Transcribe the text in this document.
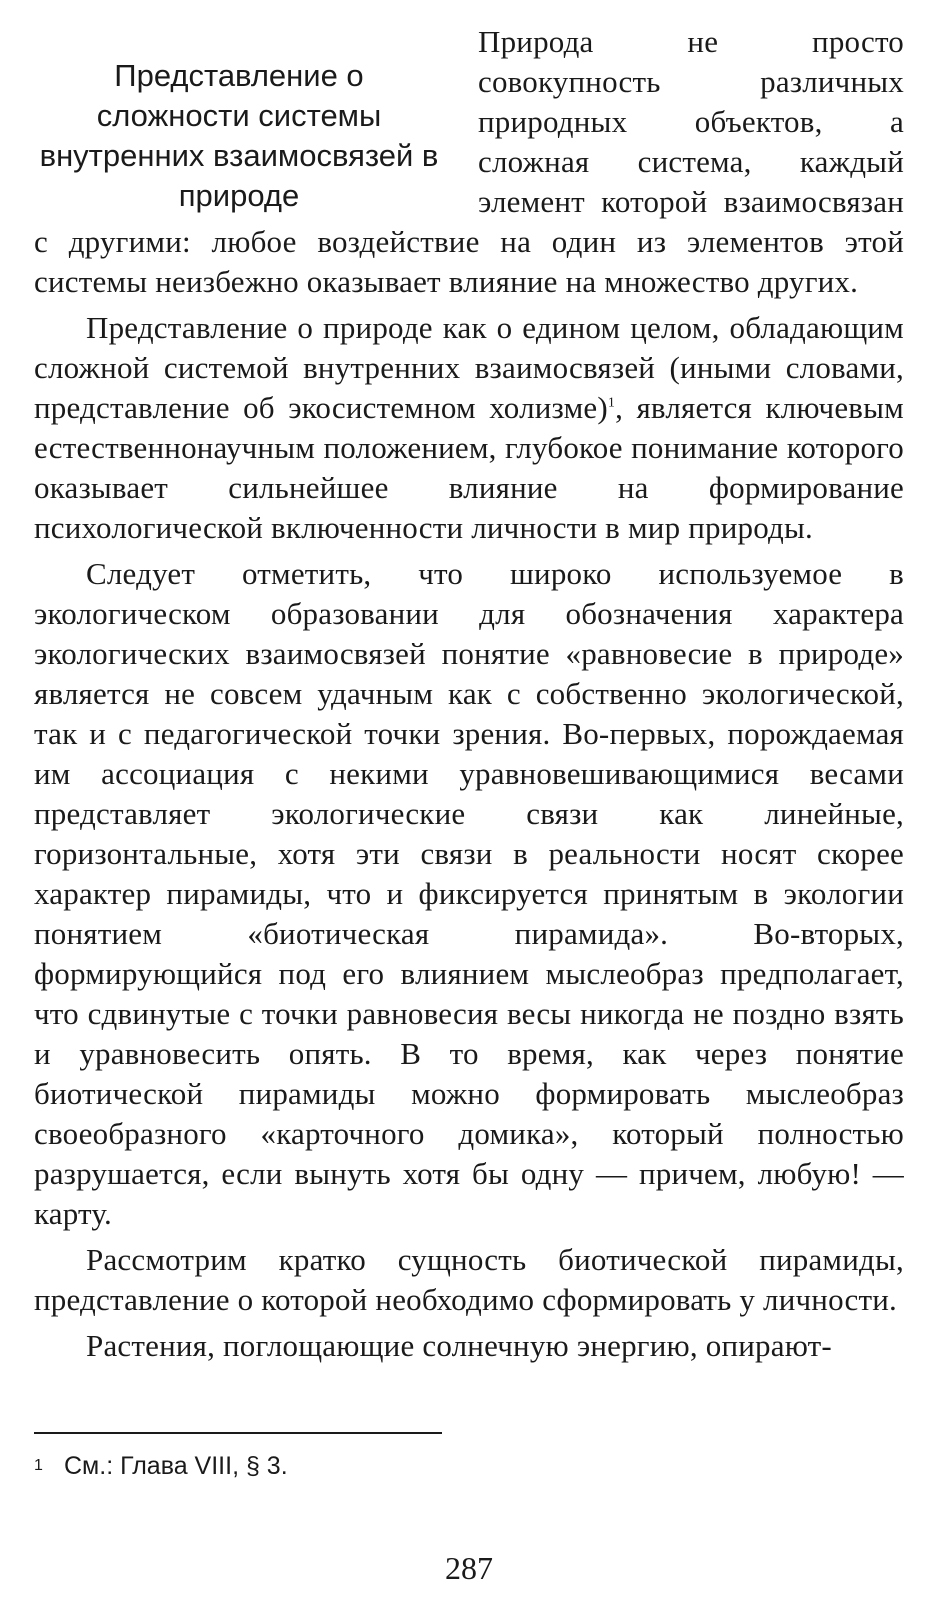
Представление о сложности системы внутренних взаимосвязей в природе

Природа не просто совокупность различных природных объектов, а сложная система, каждый элемент которой взаимосвязан с другими: любое воздействие на один из элементов этой системы неизбежно оказывает влияние на множество других.

Представление о природе как о едином целом, обладающим сложной системой внутренних взаимосвязей (иными словами, представление об экосистемном холизме)$^1$, является ключевым естественнонаучным положением, глубокое понимание которого оказывает сильнейшее влияние на формирование психологической включенности личности в мир природы.

Следует отметить, что широко используемое в экологическом образовании для обозначения характера экологических взаимосвязей понятие «равновесие в природе» является не совсем удачным как с собственно экологической, так и с педагогической точки зрения. Во-первых, порождаемая им ассоциация с некими уравновешивающимися весами представляет экологические связи как линейные, горизонтальные, хотя эти связи в реальности носят скорее характер пирамиды, что и фиксируется принятым в экологии понятием «биотическая пирамида». Во-вторых, формирующийся под его влиянием мыслеобраз предполагает, что сдвинутые с точки равновесия весы никогда не поздно взять и уравновесить опять. В то время, как через понятие биотической пирамиды можно формировать мыслеобраз своеобразного «карточного домика», который полностью разрушается, если вынуть хотя бы одну — причем, любую! — карту.

Рассмотрим кратко сущность биотической пирамиды, представление о которой необходимо сформировать у личности.

Растения, поглощающие солнечную энергию, опирают-

1 См.: Глава VIII, § 3.
287
